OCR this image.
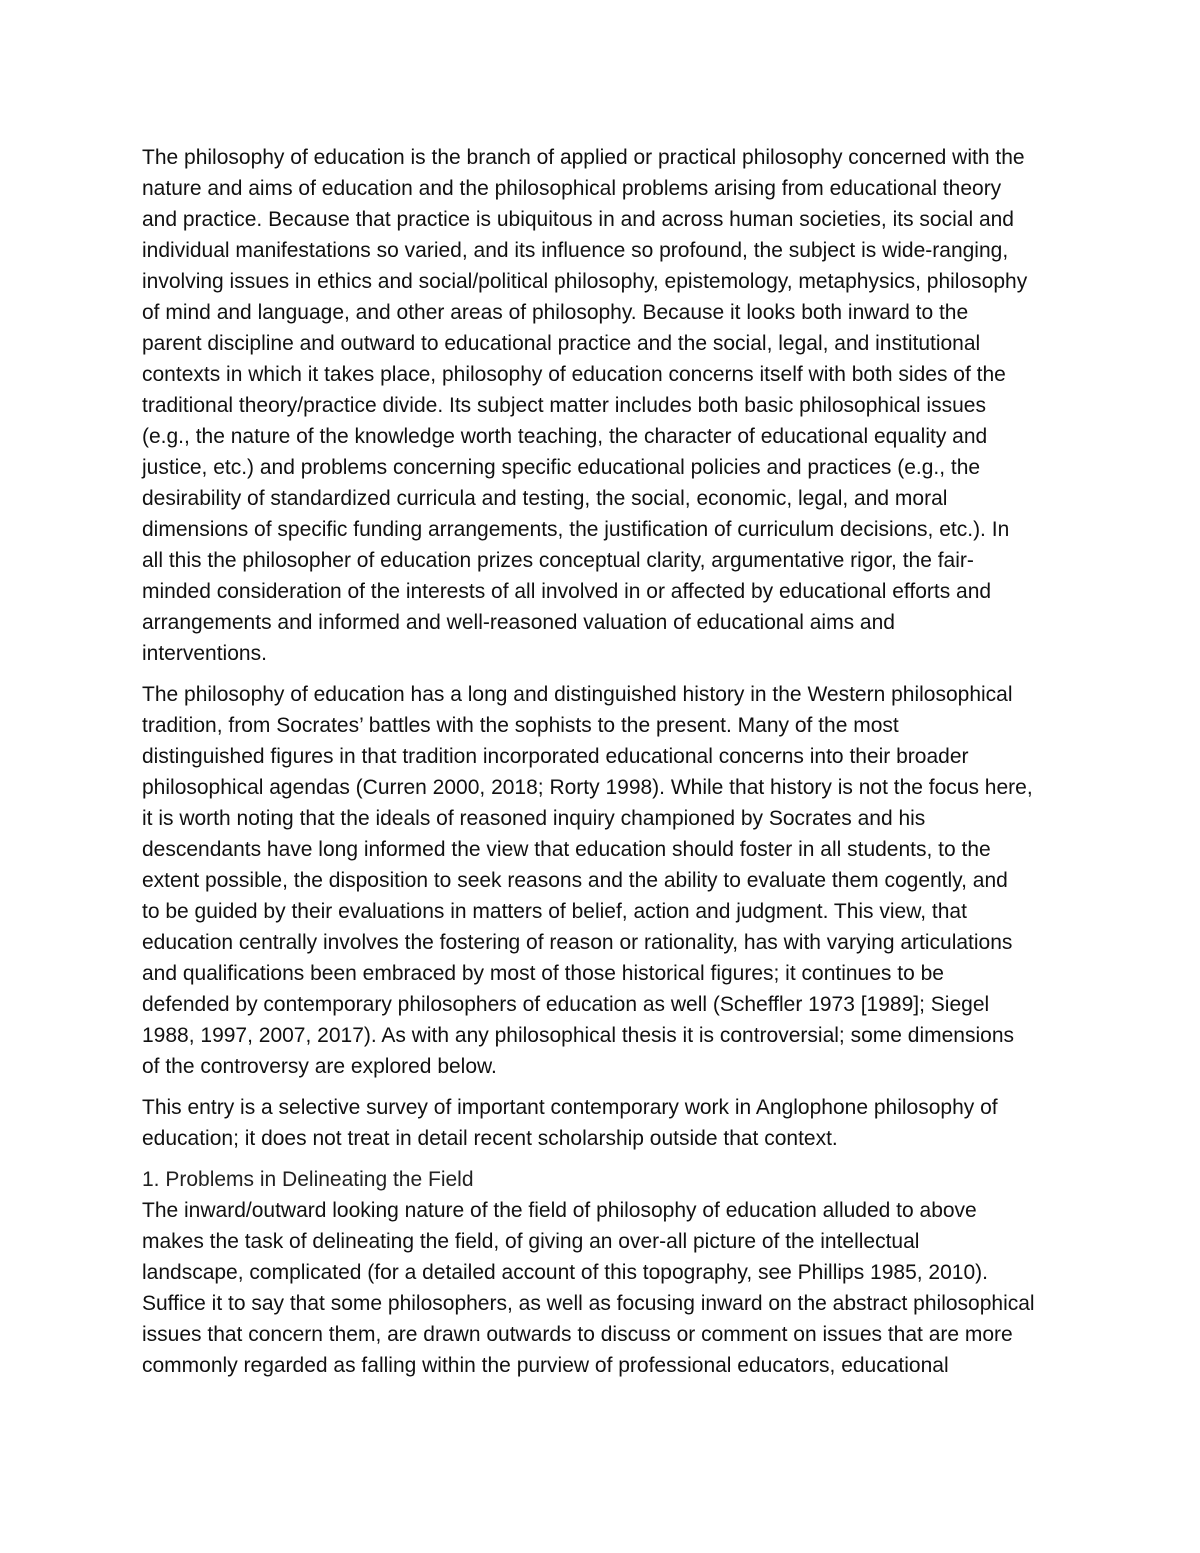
The philosophy of education is the branch of applied or practical philosophy concerned with the
nature and aims of education and the philosophical problems arising from educational theory
and practice. Because that practice is ubiquitous in and across human societies, its social and
individual manifestations so varied, and its influence so profound, the subject is wide-ranging,
involving issues in ethics and social/political philosophy, epistemology, metaphysics, philosophy
of mind and language, and other areas of philosophy. Because it looks both inward to the
parent discipline and outward to educational practice and the social, legal, and institutional
contexts in which it takes place, philosophy of education concerns itself with both sides of the
traditional theory/practice divide. Its subject matter includes both basic philosophical issues
(e.g., the nature of the knowledge worth teaching, the character of educational equality and
justice, etc.) and problems concerning specific educational policies and practices (e.g., the
desirability of standardized curricula and testing, the social, economic, legal, and moral
dimensions of specific funding arrangements, the justification of curriculum decisions, etc.). In
all this the philosopher of education prizes conceptual clarity, argumentative rigor, the fair-
minded consideration of the interests of all involved in or affected by educational efforts and
arrangements and informed and well-reasoned valuation of educational aims and
interventions.
The philosophy of education has a long and distinguished history in the Western philosophical
tradition, from Socrates’ battles with the sophists to the present. Many of the most
distinguished figures in that tradition incorporated educational concerns into their broader
philosophical agendas (Curren 2000, 2018; Rorty 1998). While that history is not the focus here,
it is worth noting that the ideals of reasoned inquiry championed by Socrates and his
descendants have long informed the view that education should foster in all students, to the
extent possible, the disposition to seek reasons and the ability to evaluate them cogently, and
to be guided by their evaluations in matters of belief, action and judgment. This view, that
education centrally involves the fostering of reason or rationality, has with varying articulations
and qualifications been embraced by most of those historical figures; it continues to be
defended by contemporary philosophers of education as well (Scheffler 1973 [1989]; Siegel
1988, 1997, 2007, 2017). As with any philosophical thesis it is controversial; some dimensions
of the controversy are explored below.
This entry is a selective survey of important contemporary work in Anglophone philosophy of
education; it does not treat in detail recent scholarship outside that context.
1. Problems in Delineating the Field
The inward/outward looking nature of the field of philosophy of education alluded to above
makes the task of delineating the field, of giving an over-all picture of the intellectual
landscape, complicated (for a detailed account of this topography, see Phillips 1985, 2010).
Suffice it to say that some philosophers, as well as focusing inward on the abstract philosophical
issues that concern them, are drawn outwards to discuss or comment on issues that are more
commonly regarded as falling within the purview of professional educators, educational
